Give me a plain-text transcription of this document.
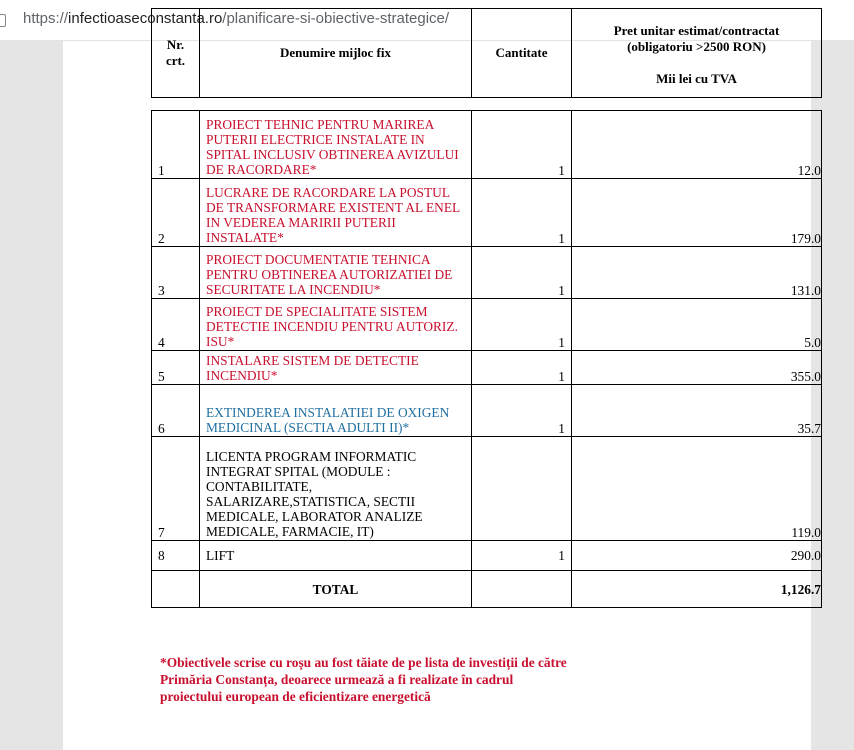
https://infectioaseconstanta.ro/planificare-si-obiective-strategice/
Nr.
crt.	Denumire mijloc fix	Cantitate	Pret unitar estimat/contractat
(obligatoriu >2500 RON)
Mii lei cu TVA
1	PROIECT TEHNIC PENTRU MARIREA PUTERII ELECTRICE INSTALATE IN SPITAL INCLUSIV OBTINEREA AVIZULUI DE RACORDARE*	1	12.0
2	LUCRARE DE RACORDARE LA POSTUL DE TRANSFORMARE EXISTENT AL ENEL IN VEDEREA MARIRII PUTERII INSTALATE*	1	179.0
3	PROIECT DOCUMENTATIE TEHNICA PENTRU OBTINEREA AUTORIZATIEI DE SECURITATE LA INCENDIU*	1	131.0
4	PROIECT DE SPECIALITATE SISTEM DETECTIE INCENDIU PENTRU AUTORIZ. ISU*	1	5.0
5	INSTALARE SISTEM DE DETECTIE INCENDIU*	1	355.0
6	EXTINDEREA INSTALATIEI DE OXIGEN MEDICINAL (SECTIA ADULTI II)*	1	35.7
7	LICENTA PROGRAM INFORMATIC INTEGRAT SPITAL (MODULE : CONTABILITATE, SALARIZARE,STATISTICA, SECTII MEDICALE, LABORATOR ANALIZE MEDICALE, FARMACIE, IT)		119.0
8	LIFT	1	290.0
	TOTAL		1,126.7
*Obiectivele scrise cu roșu au fost tăiate de pe lista de investiții de către
Primăria Constanța, deoarece urmează a fi realizate în cadrul
proiectului european de eficientizare energetică
